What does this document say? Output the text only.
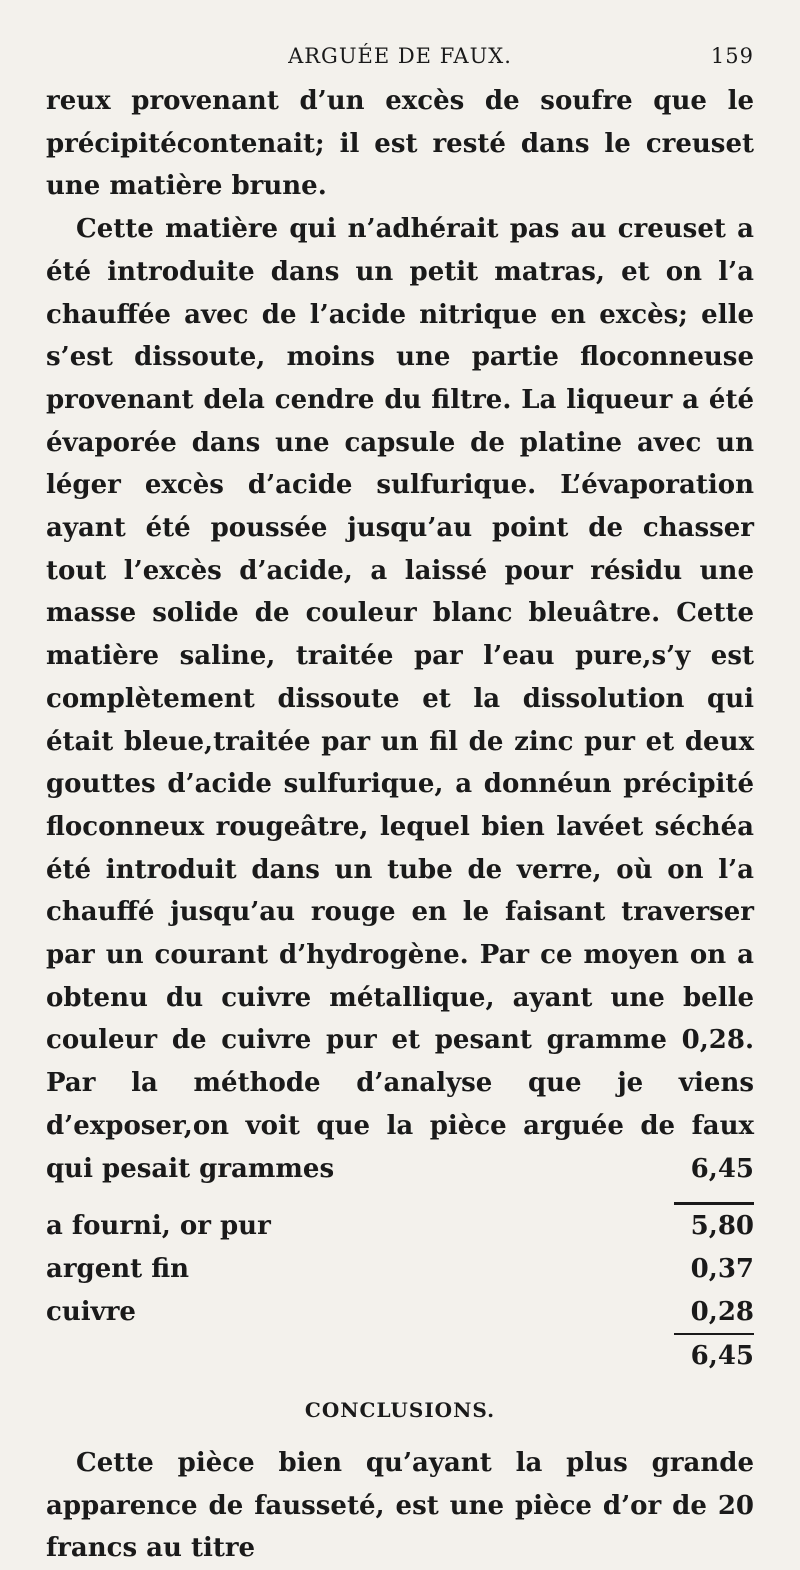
ARGUÉE DE FAUX.	159

reux provenant d’un excès de soufre que le précipitécontenait; il est resté dans le creuset une matière brune.

Cette matière qui n’adhérait pas au creuset a été introduite dans un petit matras, et on l’a chauffée avec de l’acide nitrique en excès; elle s’est dissoute, moins une partie floconneuse provenant dela cendre du filtre. La liqueur a été évaporée dans une capsule de platine avec un léger excès d’acide sulfurique. L’évaporation ayant été poussée jusqu’au point de chasser tout l’excès d’acide, a laissé pour résidu une masse solide de couleur blanc bleuâtre. Cette matière saline, traitée par l’eau pure,s’y est complètement dissoute et la dissolution qui était bleue,traitée par un fil de zinc pur et deux gouttes d’acide sulfurique, a donnéun précipité floconneux rougeâtre, lequel bien lavéet séchéa été introduit dans un tube de verre, où on l’a chauffé jusqu’au rouge en le faisant traverser par un courant d’hydrogène. Par ce moyen on a obtenu du cuivre métallique, ayant une belle couleur de cuivre pur et pesant gramme 0,28. Par la méthode d’analyse que je viens d’exposer,on voit que la pièce arguée de faux qui pesait grammes	6,45

a fourni, or pur	5,80
argent fin	0,37
cuivre	0,28
6,45
CONCLUSIONS.

Cette pièce bien qu’ayant la plus grande apparence de fausseté, est une pièce d’or de 20 francs au titre
